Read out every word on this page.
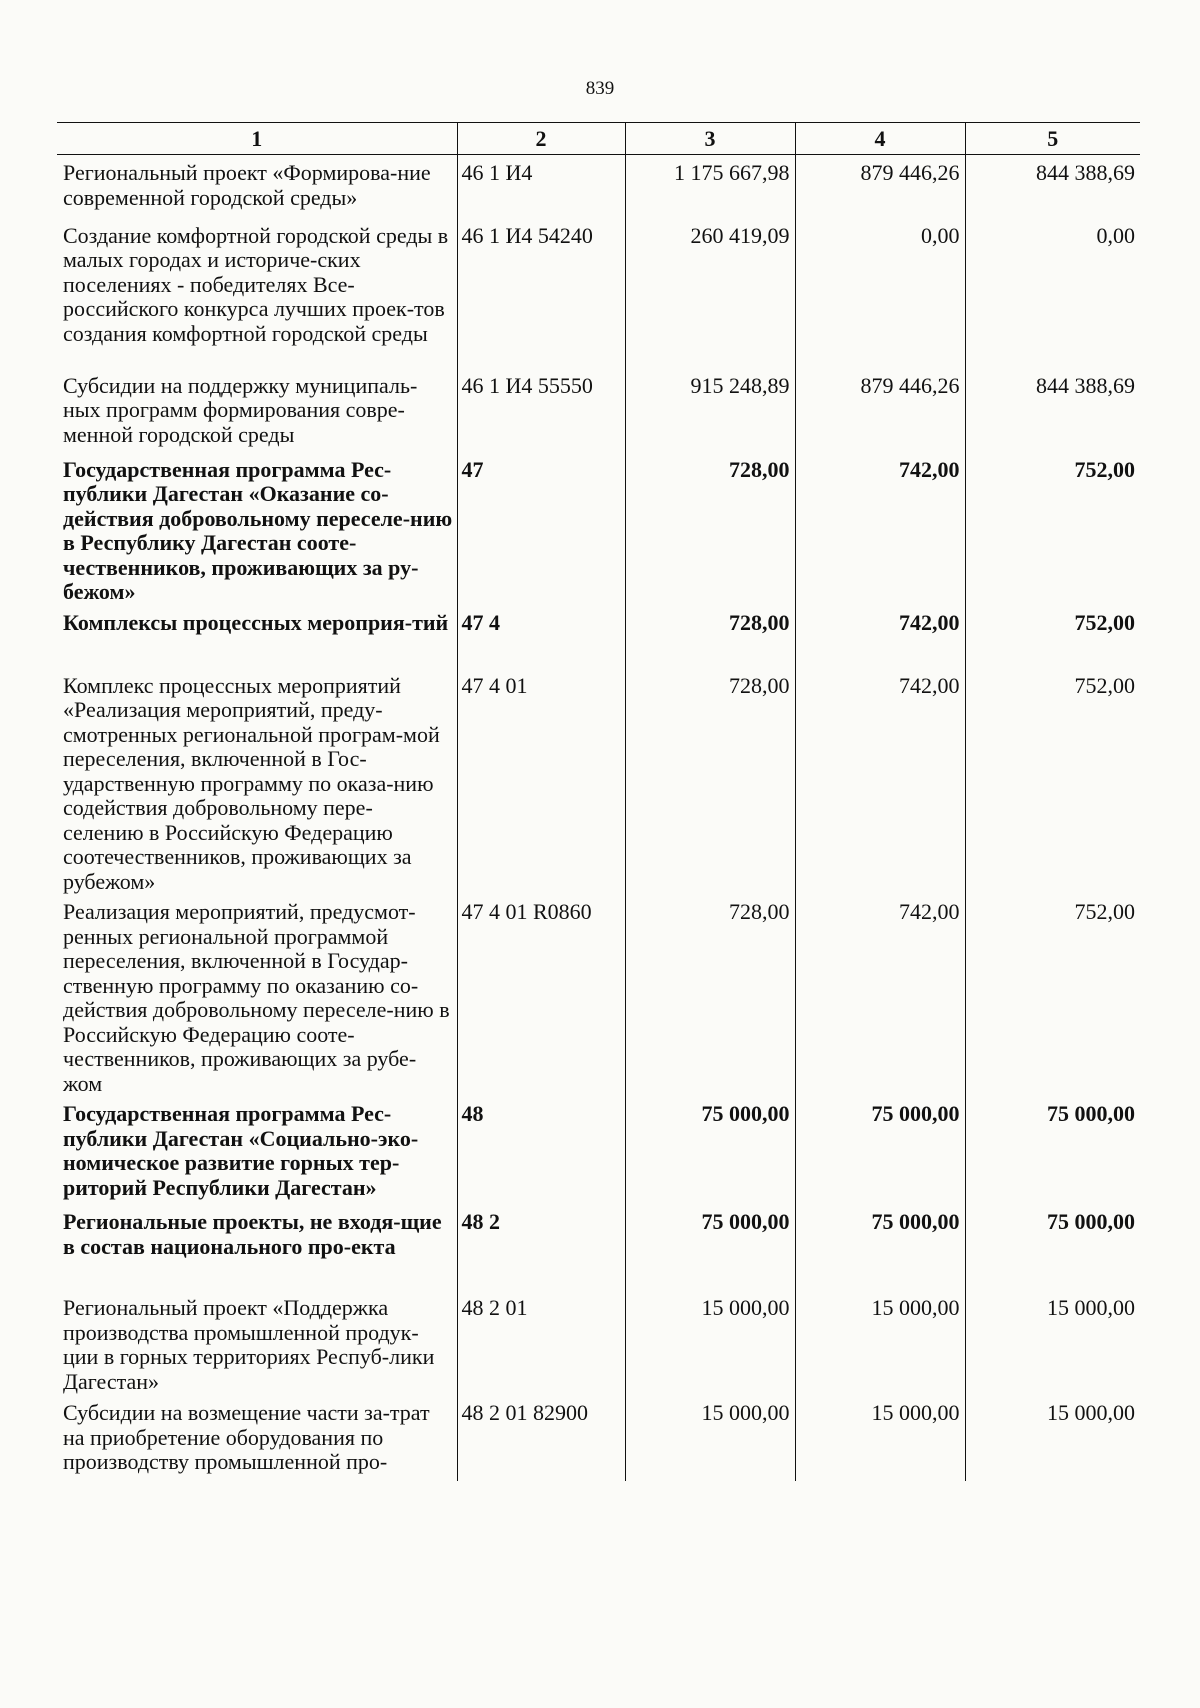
839
1	2	3	4	5
Региональный проект «Формирова-ние современной городской среды»	46 1 И4	1 175 667,98	879 446,26	844 388,69
Создание комфортной городской среды в малых городах и историче-ских поселениях - победителях Все-российского конкурса лучших проек-тов создания комфортной городской среды	46 1 И4 54240	260 419,09	0,00	0,00
Субсидии на поддержку муниципаль-ных программ формирования совре-менной городской среды	46 1 И4 55550	915 248,89	879 446,26	844 388,69
Государственная программа Рес-публики Дагестан «Оказание со-действия добровольному переселе-нию в Республику Дагестан сооте-чественников, проживающих за ру-бежом»	47	728,00	742,00	752,00
Комплексы процессных мероприя-тий	47 4	728,00	742,00	752,00
Комплекс процессных мероприятий «Реализация мероприятий, преду-смотренных региональной програм-мой переселения, включенной в Гос-ударственную программу по оказа-нию содействия добровольному пере-селению в Российскую Федерацию соотечественников, проживающих за рубежом»	47 4 01	728,00	742,00	752,00
Реализация мероприятий, предусмот-ренных региональной программой переселения, включенной в Государ-ственную программу по оказанию со-действия добровольному переселе-нию в Российскую Федерацию сооте-чественников, проживающих за рубе-жом	47 4 01 R0860	728,00	742,00	752,00
Государственная программа Рес-публики Дагестан «Социально-эко-номическое развитие горных тер-риторий Республики Дагестан»	48	75 000,00	75 000,00	75 000,00
Региональные проекты, не входя-щие в состав национального про-екта	48 2	75 000,00	75 000,00	75 000,00
Региональный проект «Поддержка производства промышленной продук-ции в горных территориях Респуб-лики Дагестан»	48 2 01	15 000,00	15 000,00	15 000,00
Субсидии на возмещение части за-трат на приобретение оборудования по производству промышленной про-	48 2 01 82900	15 000,00	15 000,00	15 000,00
